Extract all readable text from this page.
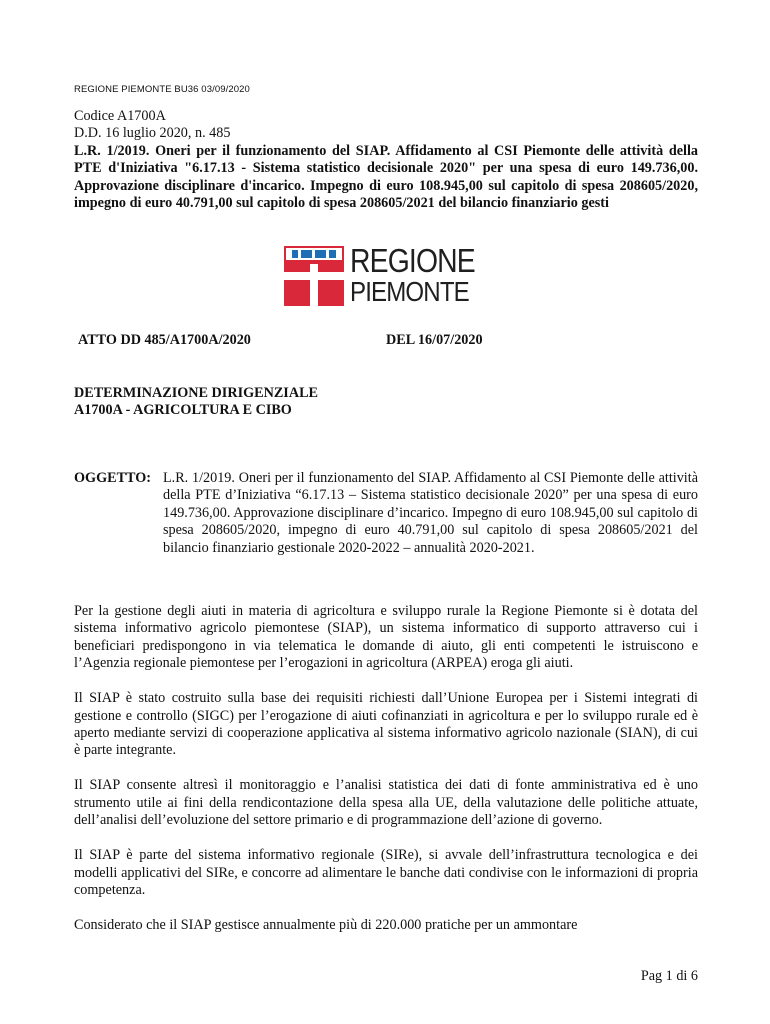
REGIONE PIEMONTE BU36 03/09/2020
Codice A1700A
D.D. 16 luglio 2020, n. 485
L.R. 1/2019. Oneri per il funzionamento del SIAP. Affidamento al CSI Piemonte delle attività della PTE d'Iniziativa "6.17.13 - Sistema statistico decisionale 2020" per una spesa di euro 149.736,00. Approvazione disciplinare d'incarico. Impegno di euro 108.945,00 sul capitolo di spesa 208605/2020, impegno di euro 40.791,00 sul capitolo di spesa 208605/2021 del bilancio finanziario gesti
REGIONE
PIEMONTE
ATTO DD 485/A1700A/2020	DEL 16/07/2020
DETERMINAZIONE DIRIGENZIALE
A1700A - AGRICOLTURA E CIBO
OGGETTO: L.R. 1/2019. Oneri per il funzionamento del SIAP. Affidamento al CSI Piemonte delle attività della PTE d’Iniziativa “6.17.13 – Sistema statistico decisionale 2020” per una spesa di euro 149.736,00. Approvazione disciplinare d’incarico. Impegno di euro 108.945,00 sul capitolo di spesa 208605/2020, impegno di euro 40.791,00 sul capitolo di spesa 208605/2021 del bilancio finanziario gestionale 2020-2022 – annualità 2020-2021.

Per la gestione degli aiuti in materia di agricoltura e sviluppo rurale la Regione Piemonte si è dotata del sistema informativo agricolo piemontese (SIAP), un sistema informatico di supporto attraverso cui i beneficiari predispongono in via telematica le domande di aiuto, gli enti competenti le istruiscono e l’Agenzia regionale piemontese per l’erogazioni in agricoltura (ARPEA) eroga gli aiuti.

Il SIAP è stato costruito sulla base dei requisiti richiesti dall’Unione Europea per i Sistemi integrati di gestione e controllo (SIGC) per l’erogazione di aiuti cofinanziati in agricoltura e per lo sviluppo rurale ed è aperto mediante servizi di cooperazione applicativa al sistema informativo agricolo nazionale (SIAN), di cui è parte integrante.

Il SIAP consente altresì il monitoraggio e l’analisi statistica dei dati di fonte amministrativa ed è uno strumento utile ai fini della rendicontazione della spesa alla UE, della valutazione delle politiche attuate, dell’analisi dell’evoluzione del settore primario e di programmazione dell’azione di governo.

Il SIAP è parte del sistema informativo regionale (SIRe), si avvale dell’infrastruttura tecnologica e dei modelli applicativi del SIRe, e concorre ad alimentare le banche dati condivise con le informazioni di propria competenza.

Considerato che il SIAP gestisce annualmente più di 220.000 pratiche per un ammontare

Pag 1 di 6
